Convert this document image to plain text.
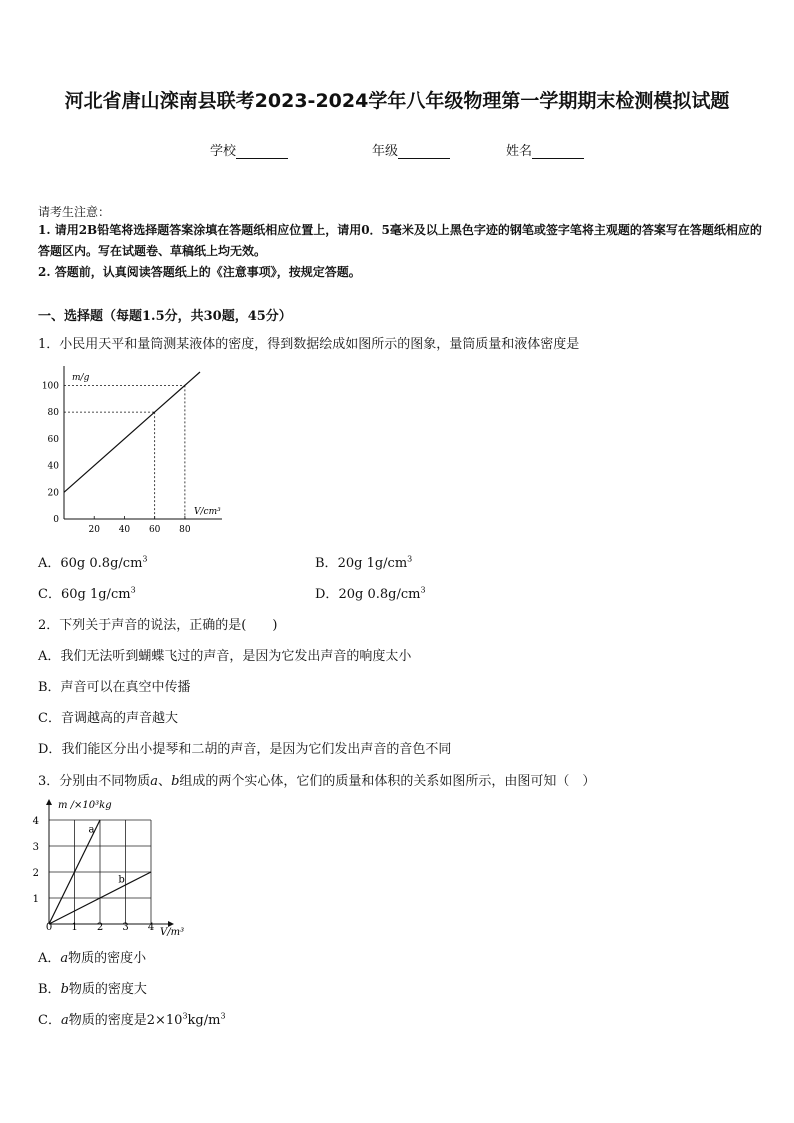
河北省唐山滦南县联考2023-2024学年八年级物理第一学期期末检测模拟试题
学校	年级	姓名
请考生注意：
1. 请用2B铅笔将选择题答案涂填在答题纸相应位置上，请用0．5毫米及以上黑色字迹的钢笔或签字笔将主观题的答案写在答题纸相应的答题区内。写在试题卷、草稿纸上均无效。
2. 答题前，认真阅读答题纸上的《注意事项》，按规定答题。
一、选择题（每题1.5分，共30题，45分）
1．小民用天平和量筒测某液体的密度，得到数据绘成如图所示的图象，量筒质量和液体密度是
0
20
40
60
80
100
20 40 60 80
m/g
V/cm³
A．60g $0.8g/cm^3$	B．20g $1g/cm^3$
C．60g $1g/cm^3$	D．20g $0.8g/cm^3$
2．下列关于声音的说法，正确的是(　　)
A．我们无法听到蝴蝶飞过的声音，是因为它发出声音的响度太小
B．声音可以在真空中传播
C．音调越高的声音越大
D．我们能区分出小提琴和二胡的声音，是因为它们发出声音的音色不同
3．分别由不同物质a、b组成的两个实心体，它们的质量和体积的关系如图所示，由图可知（　）
a
b
1
2
3
4
0 1 2 3 4
m /×10³kg
V/m³
A．a物质的密度小
B．b物质的密度大
C．a物质的密度是$2\times 10^3kg/m^3$
